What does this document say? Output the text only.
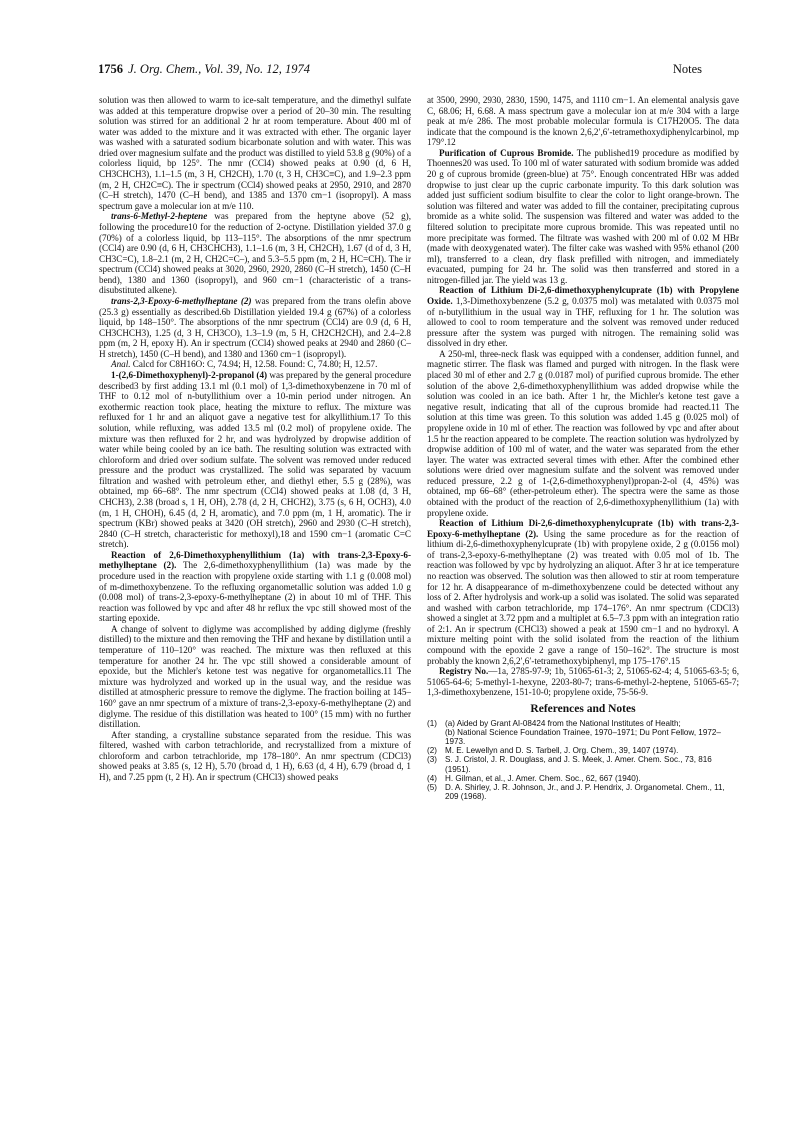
1756 J. Org. Chem., Vol. 39, No. 12, 1974	Notes

solution was then allowed to warm to ice-salt temperature, and the dimethyl sulfate was added at this temperature dropwise over a period of 20–30 min. The resulting solution was stirred for an additional 2 hr at room temperature. About 400 ml of water was added to the mixture and it was extracted with ether. The organic layer was washed with a saturated sodium bicarbonate solution and with water. This was dried over magnesium sulfate and the product was distilled to yield 53.8 g (90%) of a colorless liquid, bp 125°. The nmr (CCl4) showed peaks at 0.90 (d, 6 H, CH3CHCH3), 1.1–1.5 (m, 3 H, CH2CH), 1.70 (t, 3 H, CH3C≡C), and 1.9–2.3 ppm (m, 2 H, CH2C≡C). The ir spectrum (CCl4) showed peaks at 2950, 2910, and 2870 (C–H stretch), 1470 (C–H bend), and 1385 and 1370 cm−1 (isopropyl). A mass spectrum gave a molecular ion at m/e 110.

trans-6-Methyl-2-heptene was prepared from the heptyne above (52 g), following the procedure10 for the reduction of 2-octyne. Distillation yielded 37.0 g (70%) of a colorless liquid, bp 113–115°. The absorptions of the nmr spectrum (CCl4) are 0.90 (d, 6 H, CH3CHCH3), 1.1–1.6 (m, 3 H, CH2CH), 1.67 (d of d, 3 H, CH3C=C), 1.8–2.1 (m, 2 H, CH2C=C–), and 5.3–5.5 ppm (m, 2 H, HC=CH). The ir spectrum (CCl4) showed peaks at 3020, 2960, 2920, 2860 (C–H stretch), 1450 (C–H bend), 1380 and 1360 (isopropyl), and 960 cm−1 (characteristic of a trans-disubstituted alkene).

trans-2,3-Epoxy-6-methylheptane (2) was prepared from the trans olefin above (25.3 g) essentially as described.6b Distillation yielded 19.4 g (67%) of a colorless liquid, bp 148–150°. The absorptions of the nmr spectrum (CCl4) are 0.9 (d, 6 H, CH3CHCH3), 1.25 (d, 3 H, CH3CO), 1.3–1.9 (m, 5 H, CH2CH2CH), and 2.4–2.8 ppm (m, 2 H, epoxy H). An ir spectrum (CCl4) showed peaks at 2940 and 2860 (C–H stretch), 1450 (C–H bend), and 1380 and 1360 cm−1 (isopropyl).

Anal. Calcd for C8H16O: C, 74.94; H, 12.58. Found: C, 74.80; H, 12.57.

1-(2,6-Dimethoxyphenyl)-2-propanol (4) was prepared by the general procedure described3 by first adding 13.1 ml (0.1 mol) of 1,3-dimethoxybenzene in 70 ml of THF to 0.12 mol of n-butyllithium over a 10-min period under nitrogen. An exothermic reaction took place, heating the mixture to reflux. The mixture was refluxed for 1 hr and an aliquot gave a negative test for alkyllithium.17 To this solution, while refluxing, was added 13.5 ml (0.2 mol) of propylene oxide. The mixture was then refluxed for 2 hr, and was hydrolyzed by dropwise addition of water while being cooled by an ice bath. The resulting solution was extracted with chloroform and dried over sodium sulfate. The solvent was removed under reduced pressure and the product was crystallized. The solid was separated by vacuum filtration and washed with petroleum ether, and diethyl ether, 5.5 g (28%), was obtained, mp 66–68°. The nmr spectrum (CCl4) showed peaks at 1.08 (d, 3 H, CHCH3), 2.38 (broad s, 1 H, OH), 2.78 (d, 2 H, CHCH2), 3.75 (s, 6 H, OCH3), 4.0 (m, 1 H, CHOH), 6.45 (d, 2 H, aromatic), and 7.0 ppm (m, 1 H, aromatic). The ir spectrum (KBr) showed peaks at 3420 (OH stretch), 2960 and 2930 (C–H stretch), 2840 (C–H stretch, characteristic for methoxyl),18 and 1590 cm−1 (aromatic C=C stretch).

Reaction of 2,6-Dimethoxyphenyllithium (1a) with trans-2,3-Epoxy-6-methylheptane (2). The 2,6-dimethoxyphenyllithium (1a) was made by the procedure used in the reaction with propylene oxide starting with 1.1 g (0.008 mol) of m-dimethoxybenzene. To the refluxing organometallic solution was added 1.0 g (0.008 mol) of trans-2,3-epoxy-6-methylheptane (2) in about 10 ml of THF. This reaction was followed by vpc and after 48 hr reflux the vpc still showed most of the starting epoxide.

A change of solvent to diglyme was accomplished by adding diglyme (freshly distilled) to the mixture and then removing the THF and hexane by distillation until a temperature of 110–120° was reached. The mixture was then refluxed at this temperature for another 24 hr. The vpc still showed a considerable amount of epoxide, but the Michler's ketone test was negative for organometallics.11 The mixture was hydrolyzed and worked up in the usual way, and the residue was distilled at atmospheric pressure to remove the diglyme. The fraction boiling at 145–160° gave an nmr spectrum of a mixture of trans-2,3-epoxy-6-methylheptane (2) and diglyme. The residue of this distillation was heated to 100° (15 mm) with no further distillation.

After standing, a crystalline substance separated from the residue. This was filtered, washed with carbon tetrachloride, and recrystallized from a mixture of chloroform and carbon tetrachloride, mp 178–180°. An nmr spectrum (CDCl3) showed peaks at 3.85 (s, 12 H), 5.70 (broad d, 1 H), 6.63 (d, 4 H), 6.79 (broad d, 1 H), and 7.25 ppm (t, 2 H). An ir spectrum (CHCl3) showed peaks

at 3500, 2990, 2930, 2830, 1590, 1475, and 1110 cm−1. An elemental analysis gave C, 68.06; H, 6.68. A mass spectrum gave a molecular ion at m/e 304 with a large peak at m/e 286. The most probable molecular formula is C17H20O5. The data indicate that the compound is the known 2,6,2′,6′-tetramethoxydiphenylcarbinol, mp 179°.12

Purification of Cuprous Bromide. The published19 procedure as modified by Thoennes20 was used. To 100 ml of water saturated with sodium bromide was added 20 g of cuprous bromide (green-blue) at 75°. Enough concentrated HBr was added dropwise to just clear up the cupric carbonate impurity. To this dark solution was added just sufficient sodium bisulfite to clear the color to light orange-brown. The solution was filtered and water was added to fill the container, precipitating cuprous bromide as a white solid. The suspension was filtered and water was added to the filtered solution to precipitate more cuprous bromide. This was repeated until no more precipitate was formed. The filtrate was washed with 200 ml of 0.02 M HBr (made with deoxygenated water). The filter cake was washed with 95% ethanol (200 ml), transferred to a clean, dry flask prefilled with nitrogen, and immediately evacuated, pumping for 24 hr. The solid was then transferred and stored in a nitrogen-filled jar. The yield was 13 g.

Reaction of Lithium Di-2,6-dimethoxyphenylcuprate (1b) with Propylene Oxide. 1,3-Dimethoxybenzene (5.2 g, 0.0375 mol) was metalated with 0.0375 mol of n-butyllithium in the usual way in THF, refluxing for 1 hr. The solution was allowed to cool to room temperature and the solvent was removed under reduced pressure after the system was purged with nitrogen. The remaining solid was dissolved in dry ether.

A 250-ml, three-neck flask was equipped with a condenser, addition funnel, and magnetic stirrer. The flask was flamed and purged with nitrogen. In the flask were placed 30 ml of ether and 2.7 g (0.0187 mol) of purified cuprous bromide. The ether solution of the above 2,6-dimethoxyphenyllithium was added dropwise while the solution was cooled in an ice bath. After 1 hr, the Michler's ketone test gave a negative result, indicating that all of the cuprous bromide had reacted.11 The solution at this time was green. To this solution was added 1.45 g (0.025 mol) of propylene oxide in 10 ml of ether. The reaction was followed by vpc and after about 1.5 hr the reaction appeared to be complete. The reaction solution was hydrolyzed by dropwise addition of 100 ml of water, and the water was separated from the ether layer. The water was extracted several times with ether. After the combined ether solutions were dried over magnesium sulfate and the solvent was removed under reduced pressure, 2.2 g of 1-(2,6-dimethoxyphenyl)propan-2-ol (4, 45%) was obtained, mp 66–68° (ether-petroleum ether). The spectra were the same as those obtained with the product of the reaction of 2,6-dimethoxyphenyllithium (1a) with propylene oxide.

Reaction of Lithium Di-2,6-dimethoxyphenylcuprate (1b) with trans-2,3-Epoxy-6-methylheptane (2). Using the same procedure as for the reaction of lithium di-2,6-dimethoxyphenylcuprate (1b) with propylene oxide, 2 g (0.0156 mol) of trans-2,3-epoxy-6-methylheptane (2) was treated with 0.05 mol of 1b. The reaction was followed by vpc by hydrolyzing an aliquot. After 3 hr at ice temperature no reaction was observed. The solution was then allowed to stir at room temperature for 12 hr. A disappearance of m-dimethoxybenzene could be detected without any loss of 2. After hydrolysis and work-up a solid was isolated. The solid was separated and washed with carbon tetrachloride, mp 174–176°. An nmr spectrum (CDCl3) showed a singlet at 3.72 ppm and a multiplet at 6.5–7.3 ppm with an integration ratio of 2:1. An ir spectrum (CHCl3) showed a peak at 1590 cm−1 and no hydroxyl. A mixture melting point with the solid isolated from the reaction of the lithium compound with the epoxide 2 gave a range of 150–162°. The structure is most probably the known 2,6,2′,6′-tetramethoxybiphenyl, mp 175–176°.15

Registry No.—1a, 2785-97-9; 1b, 51065-61-3; 2, 51065-62-4; 4, 51065-63-5; 6, 51065-64-6; 5-methyl-1-hexyne, 2203-80-7; trans-6-methyl-2-heptene, 51065-65-7; 1,3-dimethoxybenzene, 151-10-0; propylene oxide, 75-56-9.

References and Notes
(1) (a) Aided by Grant AI-08424 from the National Institutes of Health;
(b) National Science Foundation Trainee, 1970–1971; Du Pont Fellow, 1972–1973.
(2) M. E. Lewellyn and D. S. Tarbell, J. Org. Chem., 39, 1407 (1974).
(3) S. J. Cristol, J. R. Douglass, and J. S. Meek, J. Amer. Chem. Soc., 73, 816 (1951).
(4) H. Gilman, et al., J. Amer. Chem. Soc., 62, 667 (1940).
(5) D. A. Shirley, J. R. Johnson, Jr., and J. P. Hendrix, J. Organometal. Chem., 11, 209 (1968).
